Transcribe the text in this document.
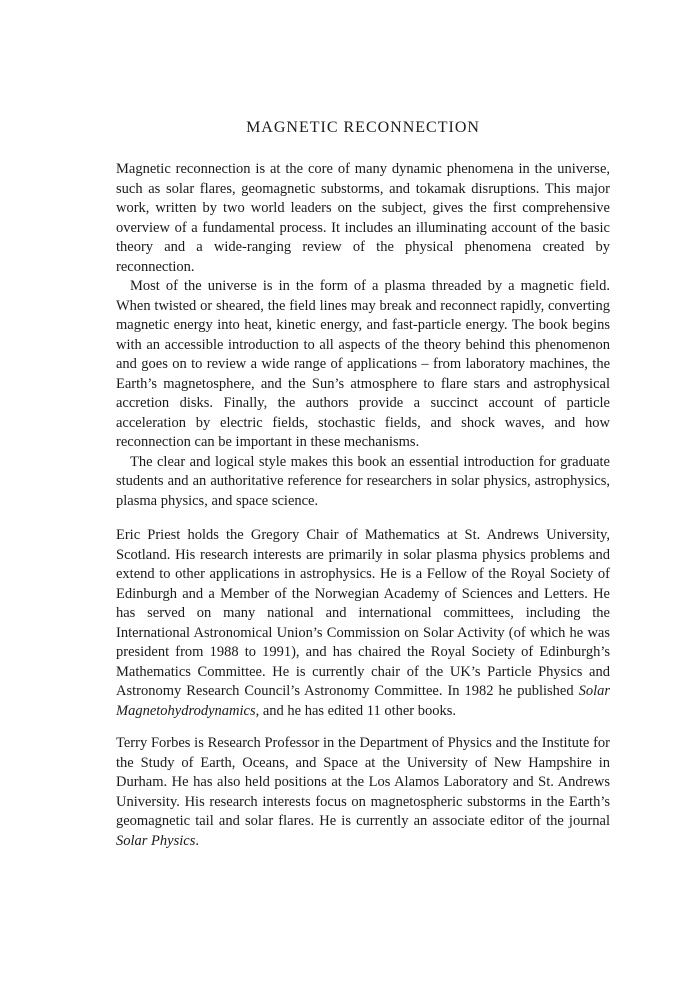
MAGNETIC RECONNECTION

Magnetic reconnection is at the core of many dynamic phenomena in the universe, such as solar flares, geomagnetic substorms, and tokamak disruptions. This major work, written by two world leaders on the subject, gives the first comprehensive overview of a fundamental process. It includes an illuminating account of the basic theory and a wide-ranging review of the physical phenomena created by reconnection.

Most of the universe is in the form of a plasma threaded by a magnetic field. When twisted or sheared, the field lines may break and reconnect rapidly, converting magnetic energy into heat, kinetic energy, and fast-particle energy. The book begins with an accessible introduction to all aspects of the theory behind this phenomenon and goes on to review a wide range of applications – from laboratory machines, the Earth’s magnetosphere, and the Sun’s atmosphere to flare stars and astrophysical accretion disks. Finally, the authors provide a succinct account of particle acceleration by electric fields, stochastic fields, and shock waves, and how reconnection can be important in these mechanisms.

The clear and logical style makes this book an essential introduction for graduate students and an authoritative reference for researchers in solar physics, astrophysics, plasma physics, and space science.

Eric Priest holds the Gregory Chair of Mathematics at St. Andrews University, Scotland. His research interests are primarily in solar plasma physics problems and extend to other applications in astrophysics. He is a Fellow of the Royal Society of Edinburgh and a Member of the Norwegian Academy of Sciences and Letters. He has served on many national and international committees, including the International Astronomical Union’s Commission on Solar Activity (of which he was president from 1988 to 1991), and has chaired the Royal Society of Edinburgh’s Mathematics Committee. He is currently chair of the UK’s Particle Physics and Astronomy Research Council’s Astronomy Committee. In 1982 he published Solar Magnetohydrodynamics, and he has edited 11 other books.

Terry Forbes is Research Professor in the Department of Physics and the Institute for the Study of Earth, Oceans, and Space at the University of New Hampshire in Durham. He has also held positions at the Los Alamos Laboratory and St. Andrews University. His research interests focus on magnetospheric substorms in the Earth’s geomagnetic tail and solar flares. He is currently an associate editor of the journal Solar Physics.
